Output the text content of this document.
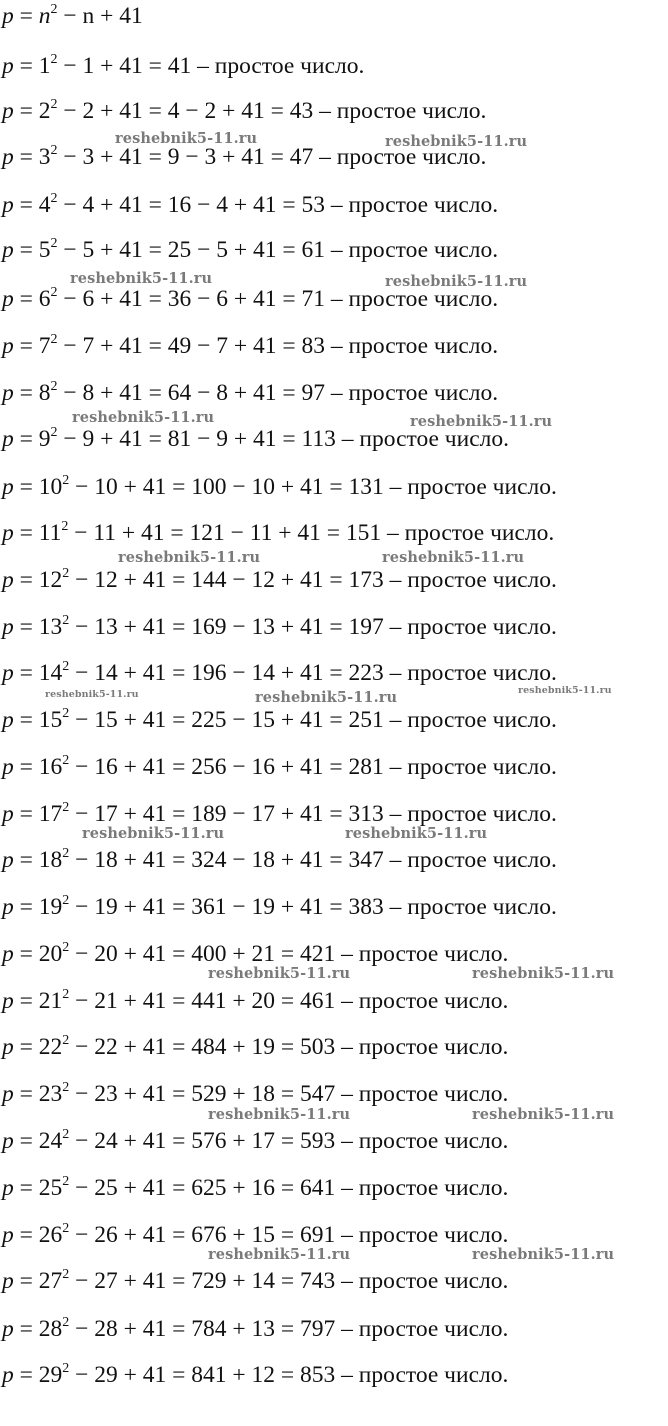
$p = n^2 - n + 41$
$p = 1^2 - 1 + 41 = 41$ – простое число.
$p = 2^2 - 2 + 41 = 4 - 2 + 41 = 43$ – простое число.
$p = 3^2 - 3 + 41 = 9 - 3 + 41 = 47$ – простое число.
$p = 4^2 - 4 + 41 = 16 - 4 + 41 = 53$ – простое число.
$p = 5^2 - 5 + 41 = 25 - 5 + 41 = 61$ – простое число.
$p = 6^2 - 6 + 41 = 36 - 6 + 41 = 71$ – простое число.
$p = 7^2 - 7 + 41 = 49 - 7 + 41 = 83$ – простое число.
$p = 8^2 - 8 + 41 = 64 - 8 + 41 = 97$ – простое число.
$p = 9^2 - 9 + 41 = 81 - 9 + 41 = 113$ – простое число.
$p = 10^2 - 10 + 41 = 100 - 10 + 41 = 131$ – простое число.
$p = 11^2 - 11 + 41 = 121 - 11 + 41 = 151$ – простое число.
$p = 12^2 - 12 + 41 = 144 - 12 + 41 = 173$ – простое число.
$p = 13^2 - 13 + 41 = 169 - 13 + 41 = 197$ – простое число.
$p = 14^2 - 14 + 41 = 196 - 14 + 41 = 223$ – простое число.
$p = 15^2 - 15 + 41 = 225 - 15 + 41 = 251$ – простое число.
$p = 16^2 - 16 + 41 = 256 - 16 + 41 = 281$ – простое число.
$p = 17^2 - 17 + 41 = 189 - 17 + 41 = 313$ – простое число.
$p = 18^2 - 18 + 41 = 324 - 18 + 41 = 347$ – простое число.
$p = 19^2 - 19 + 41 = 361 - 19 + 41 = 383$ – простое число.
$p = 20^2 - 20 + 41 = 400 + 21 = 421$ – простое число.
$p = 21^2 - 21 + 41 = 441 + 20 = 461$ – простое число.
$p = 22^2 - 22 + 41 = 484 + 19 = 503$ – простое число.
$p = 23^2 - 23 + 41 = 529 + 18 = 547$ – простое число.
$p = 24^2 - 24 + 41 = 576 + 17 = 593$ – простое число.
$p = 25^2 - 25 + 41 = 625 + 16 = 641$ – простое число.
$p = 26^2 - 26 + 41 = 676 + 15 = 691$ – простое число.
$p = 27^2 - 27 + 41 = 729 + 14 = 743$ – простое число.
$p = 28^2 - 28 + 41 = 784 + 13 = 797$ – простое число.
$p = 29^2 - 29 + 41 = 841 + 12 = 853$ – простое число.
reshebnik5-11.ru	reshebnik5-11.ru
reshebnik5-11.ru	reshebnik5-11.ru
reshebnik5-11.ru	reshebnik5-11.ru
reshebnik5-11.ru	reshebnik5-11.ru
reshebnik5-11.ru	reshebnik5-11.ru	reshebnik5-11.ru
reshebnik5-11.ru	reshebnik5-11.ru
reshebnik5-11.ru	reshebnik5-11.ru
reshebnik5-11.ru	reshebnik5-11.ru
reshebnik5-11.ru	reshebnik5-11.ru
